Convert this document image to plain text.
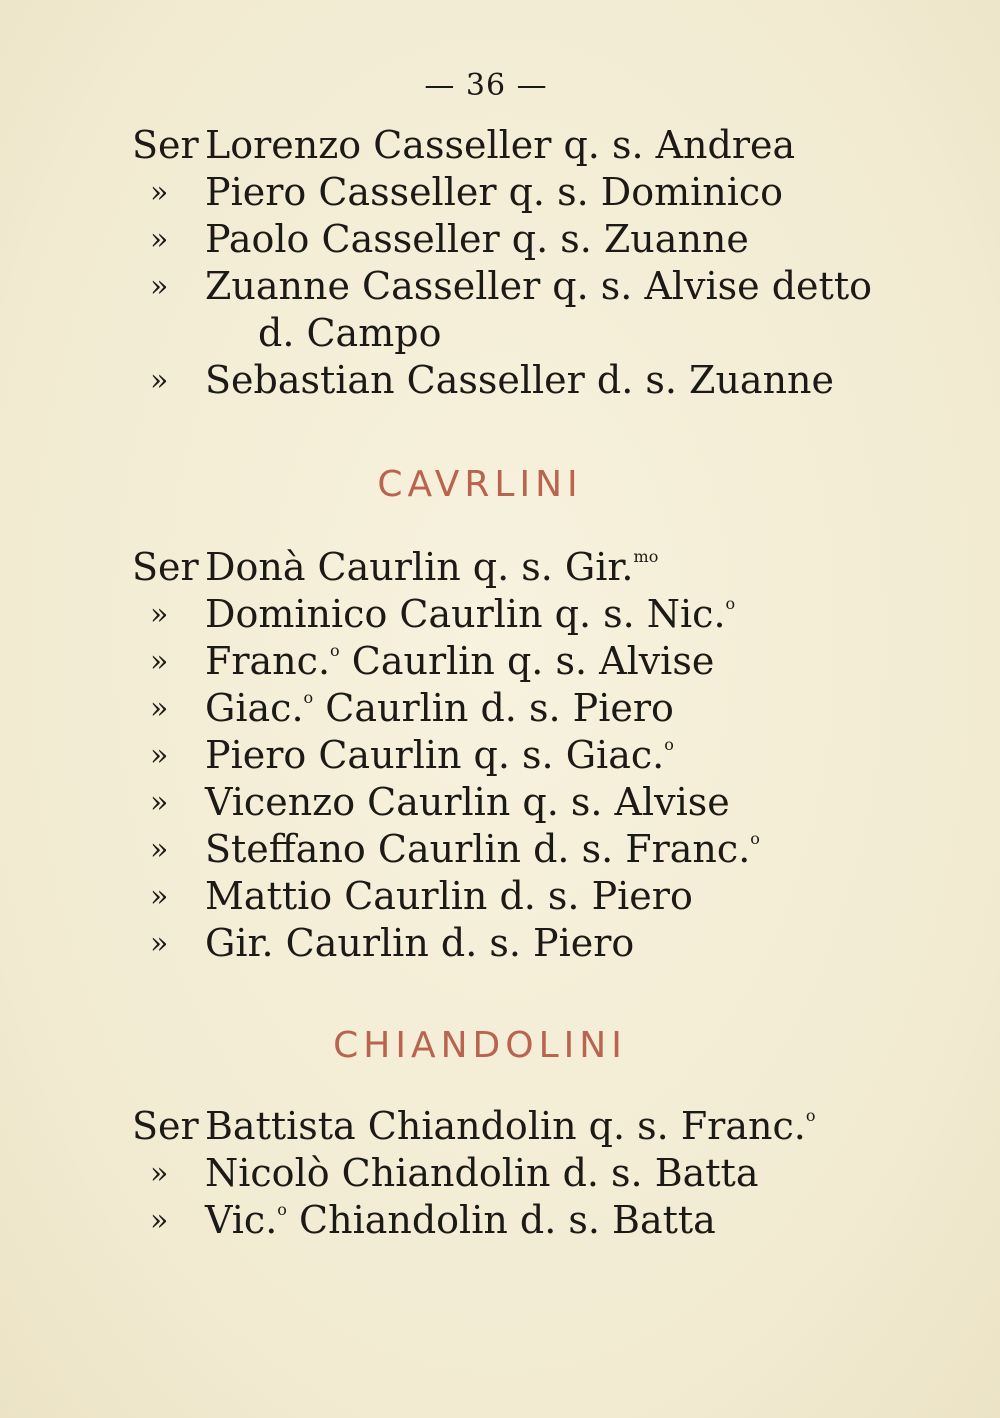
— 36 —
Ser Lorenzo Casseller q. s. Andrea
» Piero Casseller q. s. Dominico
» Paolo Casseller q. s. Zuanne
» Zuanne Casseller q. s. Alvise detto
d. Campo
» Sebastian Casseller d. s. Zuanne
CAVRLINI
Ser Donà Caurlin q. s. Gir.$^{mo}$
» Dominico Caurlin q. s. Nic.$^o$
» Franc.$^o$ Caurlin q. s. Alvise
» Giac.$^o$ Caurlin d. s. Piero
» Piero Caurlin q. s. Giac.$^o$
» Vicenzo Caurlin q. s. Alvise
» Steffano Caurlin d. s. Franc.$^o$
» Mattio Caurlin d. s. Piero
» Gir. Caurlin d. s. Piero
CHIANDOLINI
Ser Battista Chiandolin q. s. Franc.$^o$
» Nicolò Chiandolin d. s. Batta
» Vic.$^o$ Chiandolin d. s. Batta
